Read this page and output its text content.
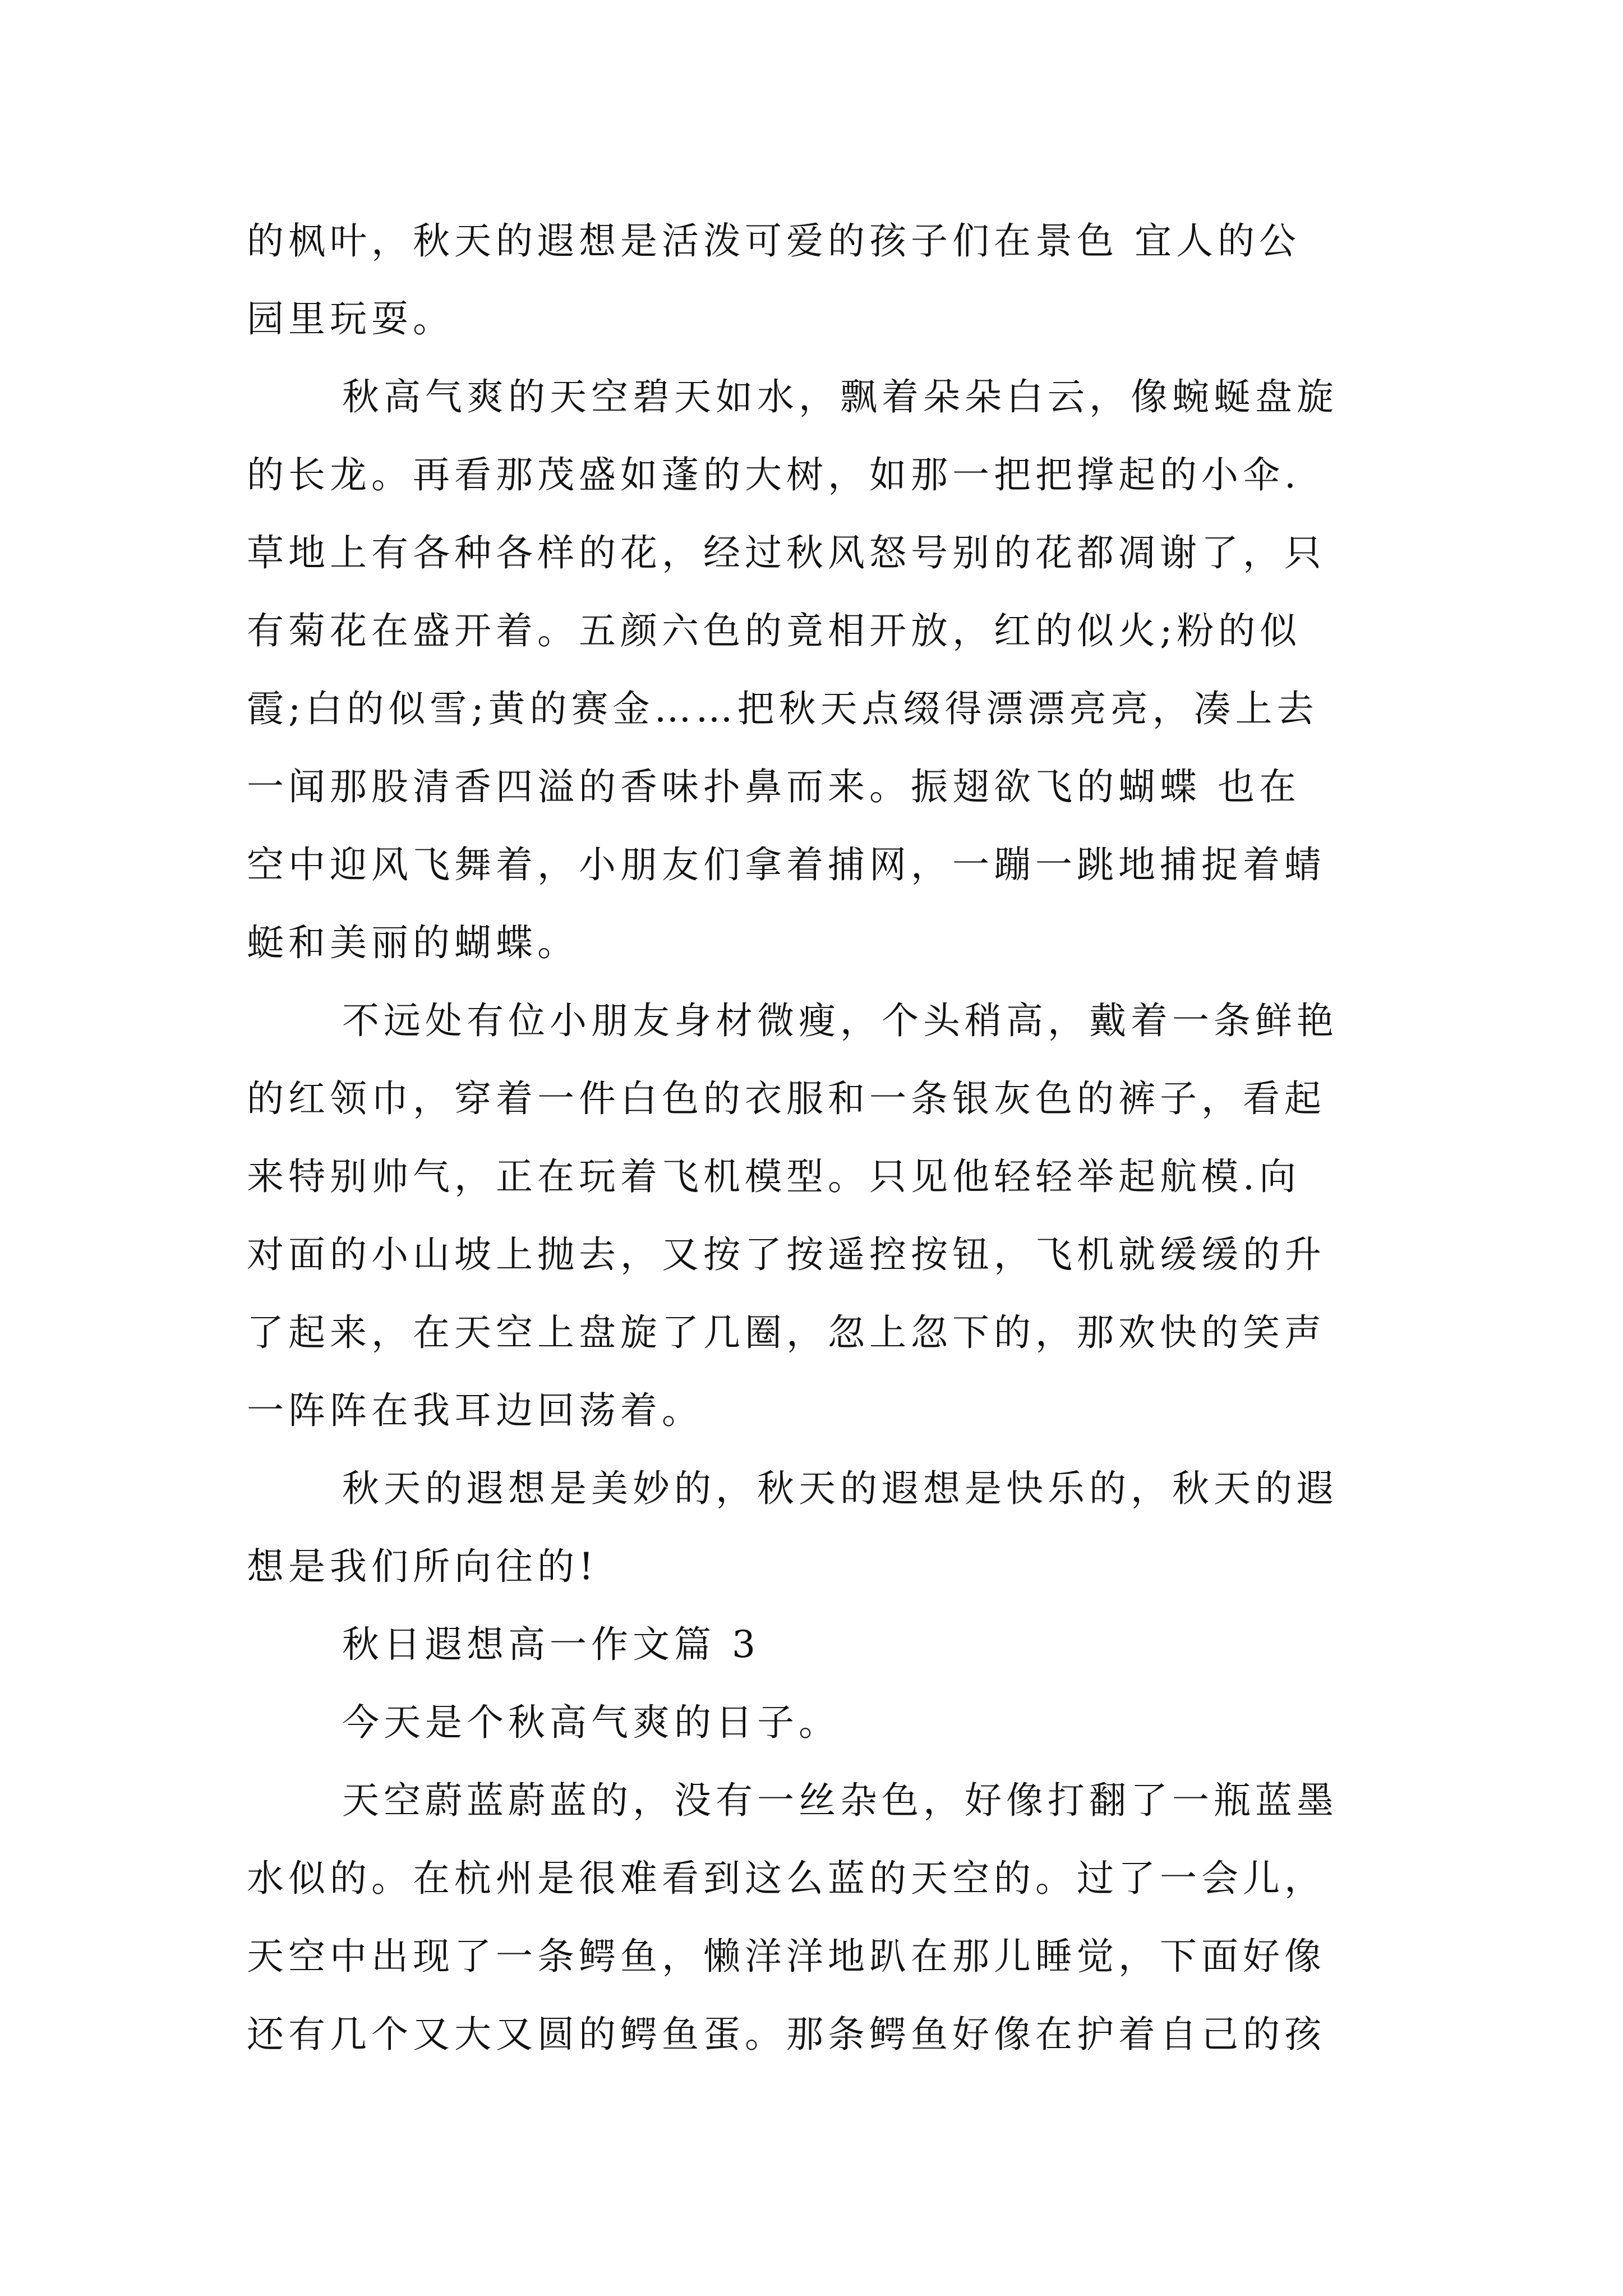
的枫叶，秋天的遐想是活泼可爱的孩子们在景色 宜人的公
园里玩耍。
秋高气爽的天空碧天如水，飘着朵朵白云，像蜿蜒盘旋
的长龙。再看那茂盛如蓬的大树，如那一把把撑起的小伞.
草地上有各种各样的花，经过秋风怒号别的花都凋谢了，只
有菊花在盛开着。五颜六色的竟相开放，红的似火;粉的似
霞;白的似雪;黄的赛金……把秋天点缀得漂漂亮亮，凑上去
一闻那股清香四溢的香味扑鼻而来。振翅欲飞的蝴蝶 也在
空中迎风飞舞着，小朋友们拿着捕网，一蹦一跳地捕捉着蜻
蜓和美丽的蝴蝶。
不远处有位小朋友身材微瘦，个头稍高，戴着一条鲜艳
的红领巾，穿着一件白色的衣服和一条银灰色的裤子，看起
来特别帅气，正在玩着飞机模型。只见他轻轻举起航模.向
对面的小山坡上抛去，又按了按遥控按钮，飞机就缓缓的升
了起来，在天空上盘旋了几圈，忽上忽下的，那欢快的笑声
一阵阵在我耳边回荡着。
秋天的遐想是美妙的，秋天的遐想是快乐的，秋天的遐
想是我们所向往的!
秋日遐想高一作文篇 3
今天是个秋高气爽的日子。
天空蔚蓝蔚蓝的，没有一丝杂色，好像打翻了一瓶蓝墨
水似的。在杭州是很难看到这么蓝的天空的。过了一会儿，
天空中出现了一条鳄鱼，懒洋洋地趴在那儿睡觉，下面好像
还有几个又大又圆的鳄鱼蛋。那条鳄鱼好像在护着自己的孩
